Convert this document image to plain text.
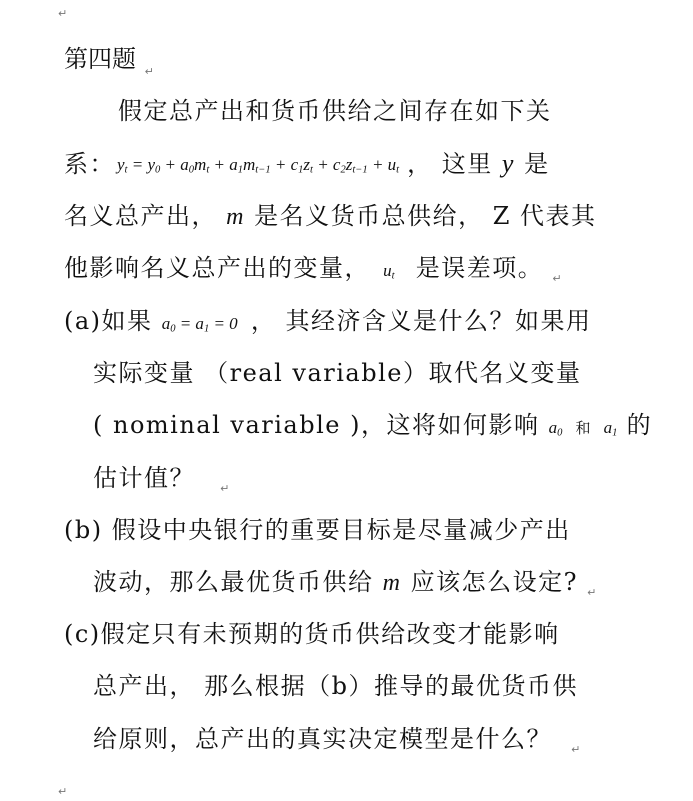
↵
第四题 $_↵$
假定总产出和货币供给之间存在如下关
系： $y_t = y_0 + a_0m_t + a_1m_{t-1} + c_1z_t + c_2z_{t-1} + u_t$ ， 这里 y 是
名义总产出， m 是名义货币总供给， Z 代表其
他影响名义总产出的变量， $u_t$ 是误差项。 $_↵$
(a)如果 $a_0 = a_1 = 0$ ， 其经济含义是什么？如果用
实际变量 （real variable）取代名义变量
( nominal variable )，这将如何影响 $a_0$ 和 $a_1$ 的
估计值？ $_↵$
(b) 假设中央银行的重要目标是尽量减少产出
波动，那么最优货币供给 m 应该怎么设定? $_↵$
(c)假定只有未预期的货币供给改变才能影响
总产出， 那么根据（b）推导的最优货币供
给原则，总产出的真实决定模型是什么？ $_↵$
↵
